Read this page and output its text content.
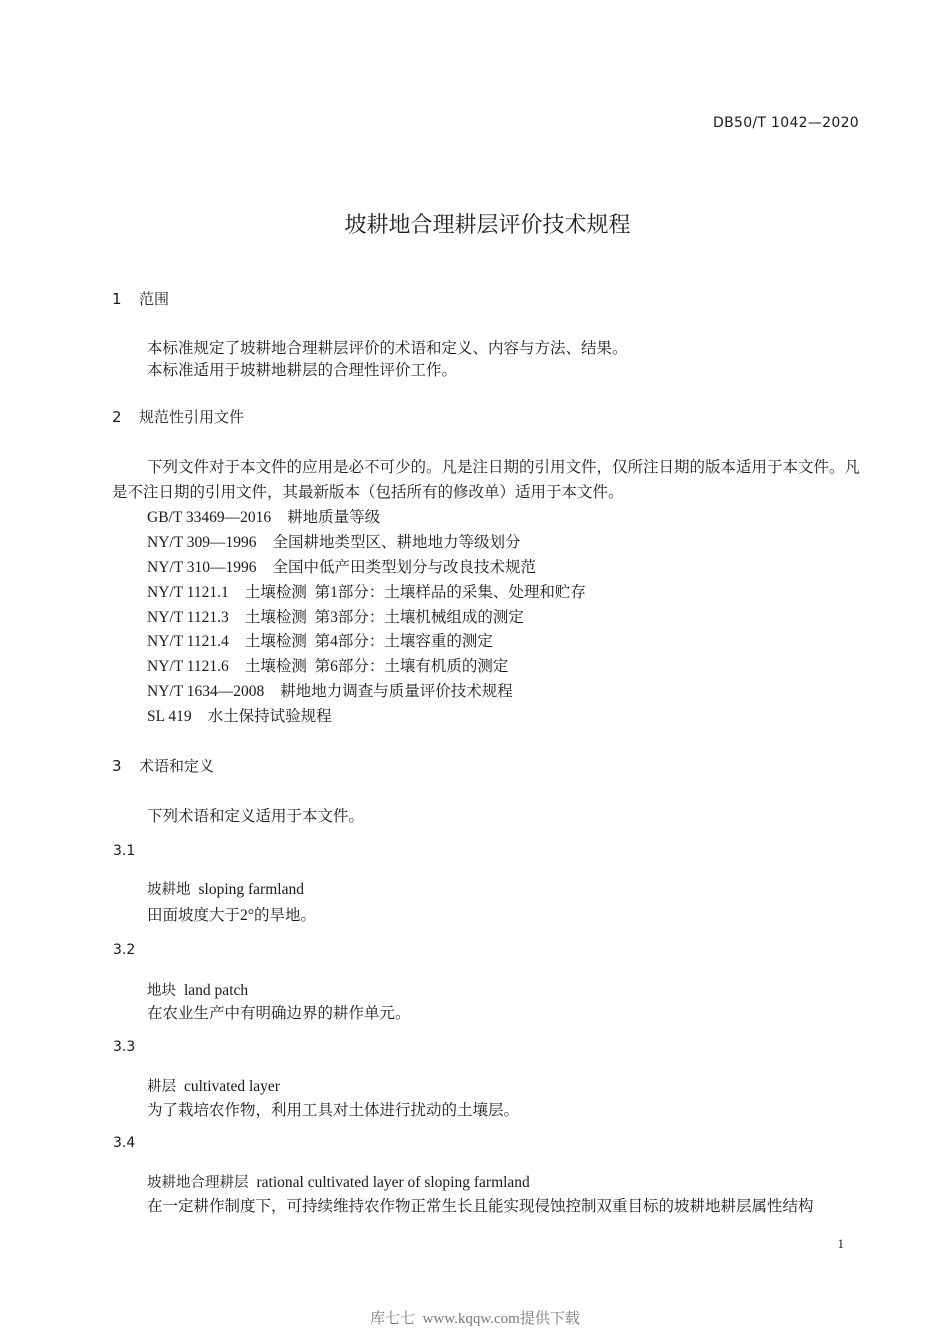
DB50/T 1042—2020
坡耕地合理耕层评价技术规程
1 范围
本标准规定了坡耕地合理耕层评价的术语和定义、内容与方法、结果。
本标准适用于坡耕地耕层的合理性评价工作。
2 规范性引用文件
下列文件对于本文件的应用是必不可少的。凡是注日期的引用文件，仅所注日期的版本适用于本文件。凡是不注日期的引用文件，其最新版本（包括所有的修改单）适用于本文件。
GB/T 33469—2016 耕地质量等级
NY/T 309—1996 全国耕地类型区、耕地地力等级划分
NY/T 310—1996 全国中低产田类型划分与改良技术规范
NY/T 1121.1 土壤检测  第1部分：土壤样品的采集、处理和贮存
NY/T 1121.3 土壤检测  第3部分：土壤机械组成的测定
NY/T 1121.4 土壤检测  第4部分：土壤容重的测定
NY/T 1121.6 土壤检测  第6部分：土壤有机质的测定
NY/T 1634—2008 耕地地力调查与质量评价技术规程
SL 419 水土保持试验规程
3 术语和定义
下列术语和定义适用于本文件。
3.1
坡耕地 sloping farmland
田面坡度大于2°的旱地。
3.2
地块 land patch
在农业生产中有明确边界的耕作单元。
3.3
耕层 cultivated layer
为了栽培农作物，利用工具对土体进行扰动的土壤层。
3.4
坡耕地合理耕层 rational cultivated layer of sloping farmland
在一定耕作制度下，可持续维持农作物正常生长且能实现侵蚀控制双重目标的坡耕地耕层属性结构
1
库七七  www.kqqw.com提供下载
